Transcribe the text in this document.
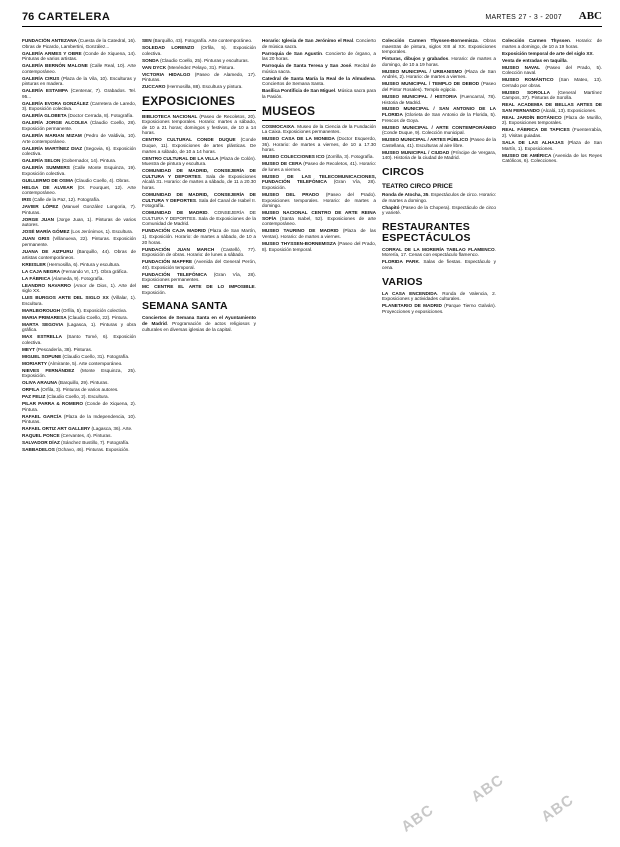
76 CARTELERA	MARTES 27 - 3 - 2007 ABC
FUNDACIÓN ANTEZANA (Cuesta de la Catedral, 16). Obras de Picardo, Lambertini, González...
GALERÍA ARMES Y OBRE (Conde de Xiquena, 14). Pinturas de varios artistas.
GALERÍA BERNÓN MALONE (Calle Real, 10). Arte contemporáneo.
GALERÍA CIRUS (Plaza de la Vila, 10). Esculturas y pinturas en madera.
GALERÍA ESTAMPA (Centenar, 7). Grabados. Tel. 95...
GALERÍA EVORA GONZÁLEZ (Carretera de Laredo, 3). Exposición colectiva.
GALERÍA GLOBETA (Doctor Cerrada, 8). Fotografía.
GALERÍA JORGE ALCOLEA (Claudio Coello, 28). Exposición permanente.
GALERÍA MARIAN MIZAM (Pedro de Valdivia, 10). Arte contemporáneo.
GALERÍA MARTÍNEZ DIAZ (Segovia, 6). Exposición colectiva.
GALERÍA SELON (Gobernador, 14). Pintura.
GALERÍA SUMMERS (Calle Monte Esquinza, 19). Exposición colectiva.
GUILLERMO DE OSMA (Claudio Coello, 4). Obras.
HELGA DE ALVEAR (Dr. Fourquet, 12). Arte contemporáneo.
IRIS (Calle de la Paz, 12). Fotografía.
JAVIER LÓPEZ (Manuel González Longoria, 7). Pinturas.
JORGE JUAN (Jorge Juan, 1). Pinturas de varios autores.
JOSÉ MARÍA GÓMEZ (Los Jerónimos, 1). Escultura.
JUAN GRIS (Villanueva, 22). Pinturas. Exposición permanente.
JUANA DE AIZPURU (Barquillo, 44). Obras de artistas contemporáneos.
KREISLER (Hermosilla, 6). Pintura y escultura.
LA CAJA NEGRA (Fernando VI, 17). Obra gráfica.
LA FÁBRICA (Alameda, 9). Fotografía.
LEANDRO NAVARRO (Amor de Dios, 1). Arte del siglo XX.
LUIS BURGOS ARTE DEL SIGLO XX (Villalar, 1). Escultura.
MARLBOROUGH (Orfila, 5). Exposición colectiva.
MARIA PRIMARESA (Claudio Coello, 22). Pintura.
MARTA SEGOVIA (Lagasca, 1). Pinturas y obra gráfica.
MAX ESTRELLA (Santo Tomé, 6). Exposición colectiva.
MEYT (Pescadería, 38). Pinturas.
MIGUEL SOPUNE (Claudio Coello, 31). Fotografía.
MORIARTY (Almirante, 5). Arte contemporáneo.
NIEVES FERNÁNDEZ (Monte Esquinza, 25). Exposición.
OLIVA ARAUNA (Barquillo, 29). Pinturas.
ORFILA (Orfila, 3). Pinturas de varios autores.
PAZ FELIZ (Claudio Coello, 2). Escultura.
PILAR PARRA & ROMERO (Conde de Xiquena, 2). Pintura.
RAFAEL GARCÍA (Plaza de la Independencia, 10). Pinturas.
RAFAEL ORTIZ ART GALLERY (Lagasca, 36). Arte.
RAQUEL PONCE (Cervantes, 4). Pinturas.
SALVADOR DÍAZ (Sánchez Bustillo, 7). Fotografía.
SABBADELOS (Ochavo, 46). Pinturas. Exposición.
SEN (Barquillo, 43). Fotografía. Arte contemporáneo.
SOLEDAD LORENZO (Orfila, 5). Exposición colectiva.
SONDA (Claudio Coello, 25). Pinturas y esculturas.
VAN DYCK (Menéndez Pelayo, 31). Pintura.
VICTORIA HIDALGO (Paseo de Alamedo, 17). Pinturas.
ZUCCARO (Hermosilla, 88). Escultura y pintura.
EXPOSICIONES
BIBLIOTECA NACIONAL (Paseo de Recoletos, 20). Exposiciones temporales. Horario: martes a sábado, de 10 a 21 horas; domingos y festivos, de 10 a 14 horas.
CENTRO CULTURAL CONDE DUQUE (Conde Duque, 11). Exposiciones de artes plásticas. De martes a sábado, de 10 a 14 horas.
CENTRO CULTURAL DE LA VILLA (Plaza de Colón). Muestra de pintura y escultura.
COMUNIDAD DE MADRID, CONSEJERÍA DE CULTURA Y DEPORTES. Sala de Exposiciones Alcalá 31. Horario: de martes a sábado, de 11 a 20.30 horas.
COMUNIDAD DE MADRID, CONSEJERÍA DE CULTURA Y DEPORTES. Sala del Canal de Isabel II. Fotografía.
COMUNIDAD DE MADRID. CONSEJERÍA DE CULTURA Y DEPORTES. Sala de Exposiciones de la Comunidad de Madrid.
FUNDACIÓN CAJA MADRID (Plaza de San Martín, 1). Exposición. Horario: de martes a sábado, de 10 a 20 horas.
FUNDACIÓN JUAN MARCH (Castelló, 77). Exposición de obras. Horario: de lunes a sábado.
FUNDACIÓN MAPFRE (Avenida del General Perón, 40). Exposición temporal.
FUNDACIÓN TELEFÓNICA (Gran Vía, 28). Exposiciones permanentes.
MC CENTRE EL ARTE DE LO IMPOSIBLE. Exposición.
SEMANA SANTA
Conciertos de Semana Santa en el Ayuntamiento de Madrid. Programación de actos religiosos y culturales en diversas iglesias de la capital.
Horario: Iglesia de San Jerónimo el Real. Concierto de música sacra.
Parroquia de San Agustín. Concierto de órgano, a las 20 horas.
Parroquia de Santa Teresa y San José. Recital de música sacra.
Catedral de Santa María la Real de la Almudena. Conciertos de Semana Santa.
Basílica Pontificia de San Miguel. Música sacra para la Pasión.
MUSEOS
COSMOCAIXA. Museo de la Ciencia de la Fundación La Caixa. Exposiciones permanentes.
MUSEO CASA DE LA MONEDA (Doctor Esquerdo, 36). Horario: de martes a viernes, de 10 a 17.30 horas.
MUSEO COLECCIONES ICO (Zorrilla, 3). Fotografía.
MUSEO DE CERA (Paseo de Recoletos, 41). Horario: de lunes a viernes.
MUSEO DE LAS TELECOMUNICACIONES, FUNDACIÓN TELEFÓNICA (Gran Vía, 28). Exposición.
MUSEO DEL PRADO (Paseo del Prado). Exposiciones temporales. Horario: de martes a domingo.
MUSEO NACIONAL CENTRO DE ARTE REINA SOFÍA (Santa Isabel, 52). Exposiciones de arte contemporáneo.
MUSEO TAURINO DE MADRID (Plaza de las Ventas). Horario: de martes a viernes.
MUSEO THYSSEN-BORNEMISZA (Paseo del Prado, 8). Exposición temporal.
Colección Carmen Thyssen-Bornemisza. Obras maestras de pintura, siglos XIII al XX. Exposiciones temporales.
Pinturas, dibujos y grabados. Horario: de martes a domingo, de 10 a 19 horas.
MUSEO MUNICIPAL / URBANISMO (Plaza de San Andrés, 2). Horario: de martes a viernes.
MUSEO MUNICIPAL / TEMPLO DE DEBOD (Paseo del Pintor Rosales). Templo egipcio.
MUSEO MUNICIPAL / HISTORIA (Fuencarral, 78). Historia de Madrid.
MUSEO MUNICIPAL / SAN ANTONIO DE LA FLORIDA (Glorieta de San Antonio de la Florida, 5). Frescos de Goya.
MUSEO MUNICIPAL / ARTE CONTEMPORÁNEO (Conde Duque, 9). Colección municipal.
MUSEO MUNICIPAL / ARTES PÚBLICO (Paseo de la Castellana, 41). Esculturas al aire libre.
MUSEO MUNICIPAL / CIUDAD (Príncipe de Vergara, 140). Historia de la ciudad de Madrid.
CIRCOS
TEATRO CIRCO PRICE
Ronda de Atocha, 35. Espectáculos de circo. Horario: de martes a domingo.
Chapitó (Paseo de la Chopera). Espectáculo de circo y varieté.
RESTAURANTES ESPECTÁCULOS
CORRAL DE LA MORERÍA TABLAO FLAMENCO. Morería, 17. Cenas con espectáculo flamenco.
FLORIDA PARK. Salas de fiestas. Espectáculo y cena.
VARIOS
LA CASA ENCENDIDA. Ronda de Valencia, 2. Exposiciones y actividades culturales.
PLANETARIO DE MADRID (Parque Tierno Galván). Proyecciones y exposiciones.
Colección Carmen Thyssen. Horario: de martes a domingo, de 10 a 19 horas.
Exposición temporal de arte del siglo XX.
Venta de entradas en taquilla.
MUSEO NAVAL (Paseo del Prado, 5). Colección naval.
MUSEO ROMÁNTICO (San Mateo, 13). Cerrado por obras.
MUSEO SOROLLA (General Martínez Campos, 37). Pinturas de Sorolla.
REAL ACADEMIA DE BELLAS ARTES DE SAN FERNANDO (Alcalá, 13). Exposiciones.
REAL JARDÍN BOTÁNICO (Plaza de Murillo, 2). Exposiciones temporales.
REAL FÁBRICA DE TAPICES (Fuenterrabía, 2). Visitas guiadas.
SALA DE LAS ALHAJAS (Plaza de San Martín, 1). Exposiciones.
MUSEO DE AMÉRICA (Avenida de los Reyes Católicos, 6). Colecciones.
ABC
ABC
ABC
